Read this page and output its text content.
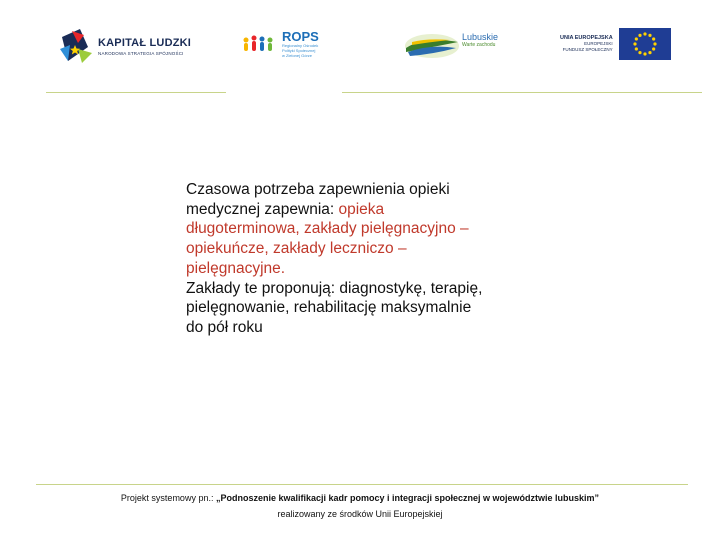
KAPITAŁ LUDZKI
NARODOWA STRATEGIA SPÓJNOŚCI
ROPS
Regionalny Ośrodek
Polityki Społecznej
w Zielonej Górze
Lubuskie
Warte zachodu
UNIA EUROPEJSKA
EUROPEJSKI
FUNDUSZ SPOŁECZNY
Czasowa potrzeba zapewnienia opieki
medycznej zapewnia: opieka
długoterminowa, zakłady pielęgnacyjno –
opiekuńcze, zakłady leczniczo –
pielęgnacyjne.
Zakłady te proponują: diagnostykę, terapię,
pielęgnowanie, rehabilitację maksymalnie
do pół roku
Projekt systemowy pn.: „Podnoszenie kwalifikacji kadr pomocy i integracji społecznej w województwie lubuskim”
realizowany ze środków Unii Europejskiej
